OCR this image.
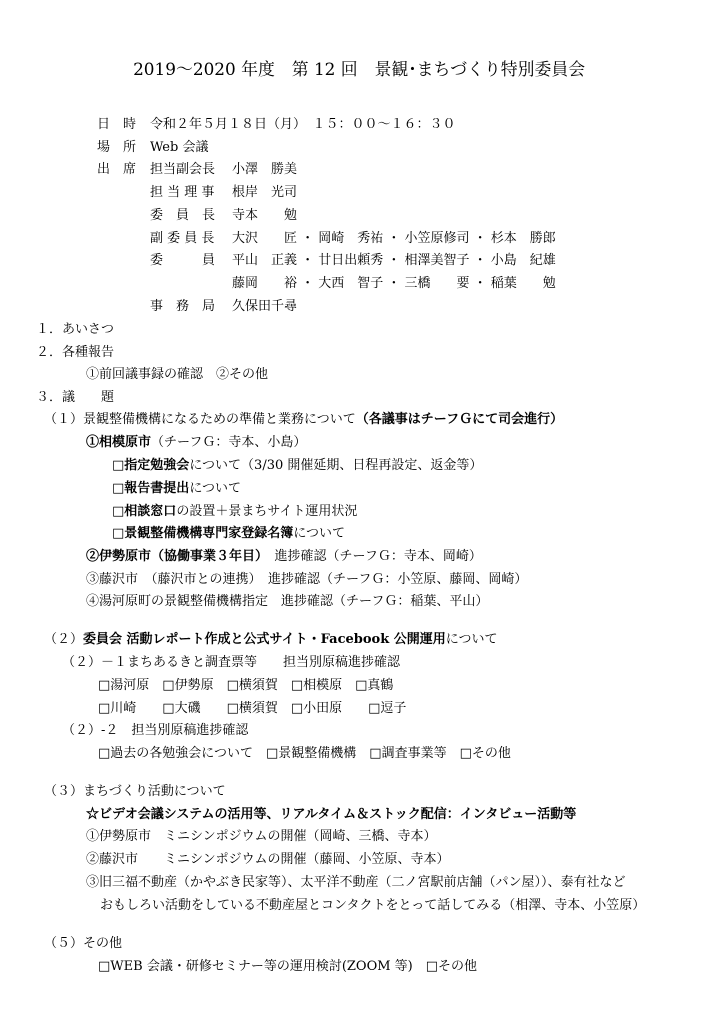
2019〜2020 年度　第 12 回　景観･まちづくり特別委員会
日　時 令和２年５月１８日（月）　１５：００〜１６：３０
場　所 Web 会議
出　席 担当副会長 小澤　勝美
担 当 理 事 根岸　光司
委　員　長 寺本　　勉
副 委 員 長 大沢　　匠 ・ 岡崎　秀祐 ・ 小笠原修司 ・ 杉本　勝郎
委　　　員 平山　正義 ・ 廿日出頼秀 ・ 相澤美智子 ・ 小島　紀雄
藤岡　　裕 ・ 大西　智子 ・ 三橋　　要 ・ 稲葉　　勉
事　務　局 久保田千尋
１．あいさつ
２．各種報告
①前回議事録の確認　②その他
３．議　　題
（１）景観整備機構になるための準備と業務について（各議事はチーフＧにて司会進行）
①相模原市（チーフＧ：寺本、小島）
□指定勉強会について（3/30 開催延期、日程再設定、返金等）
□報告書提出について
□相談窓口の設置＋景まちサイト運用状況
□景観整備機構専門家登録名簿について
②伊勢原市（協働事業３年目）　進捗確認（チーフＧ：寺本、岡崎）
③藤沢市　（藤沢市との連携）　進捗確認（チーフＧ：小笠原、藤岡、岡崎）
④湯河原町の景観整備機構指定　進捗確認（チーフＧ：稲葉、平山）
（２）委員会 活動レポート作成と公式サイト・Facebook 公開運用について
（２）－１まちあるきと調査票等　　担当別原稿進捗確認
□湯河原　□伊勢原　□横須賀　□相模原　□真鶴
□川崎　　□大磯　　□横須賀　□小田原　　□逗子
（２）-２　担当別原稿進捗確認
□過去の各勉強会について　□景観整備機構　□調査事業等　□その他
（３）まちづくり活動について
☆ビデオ会議システムの活用等、リアルタイム＆ストック配信：インタビュー活動等
①伊勢原市　ミニシンポジウムの開催（岡崎、三橋、寺本）
②藤沢市　　ミニシンポジウムの開催（藤岡、小笠原、寺本）
③旧三福不動産（かやぶき民家等）、太平洋不動産（二ノ宮駅前店舗（パン屋））、泰有社など
おもしろい活動をしている不動産屋とコンタクトをとって話してみる（相澤、寺本、小笠原）
（５）その他
□WEB 会議・研修セミナー等の運用検討(ZOOM 等)　□その他
